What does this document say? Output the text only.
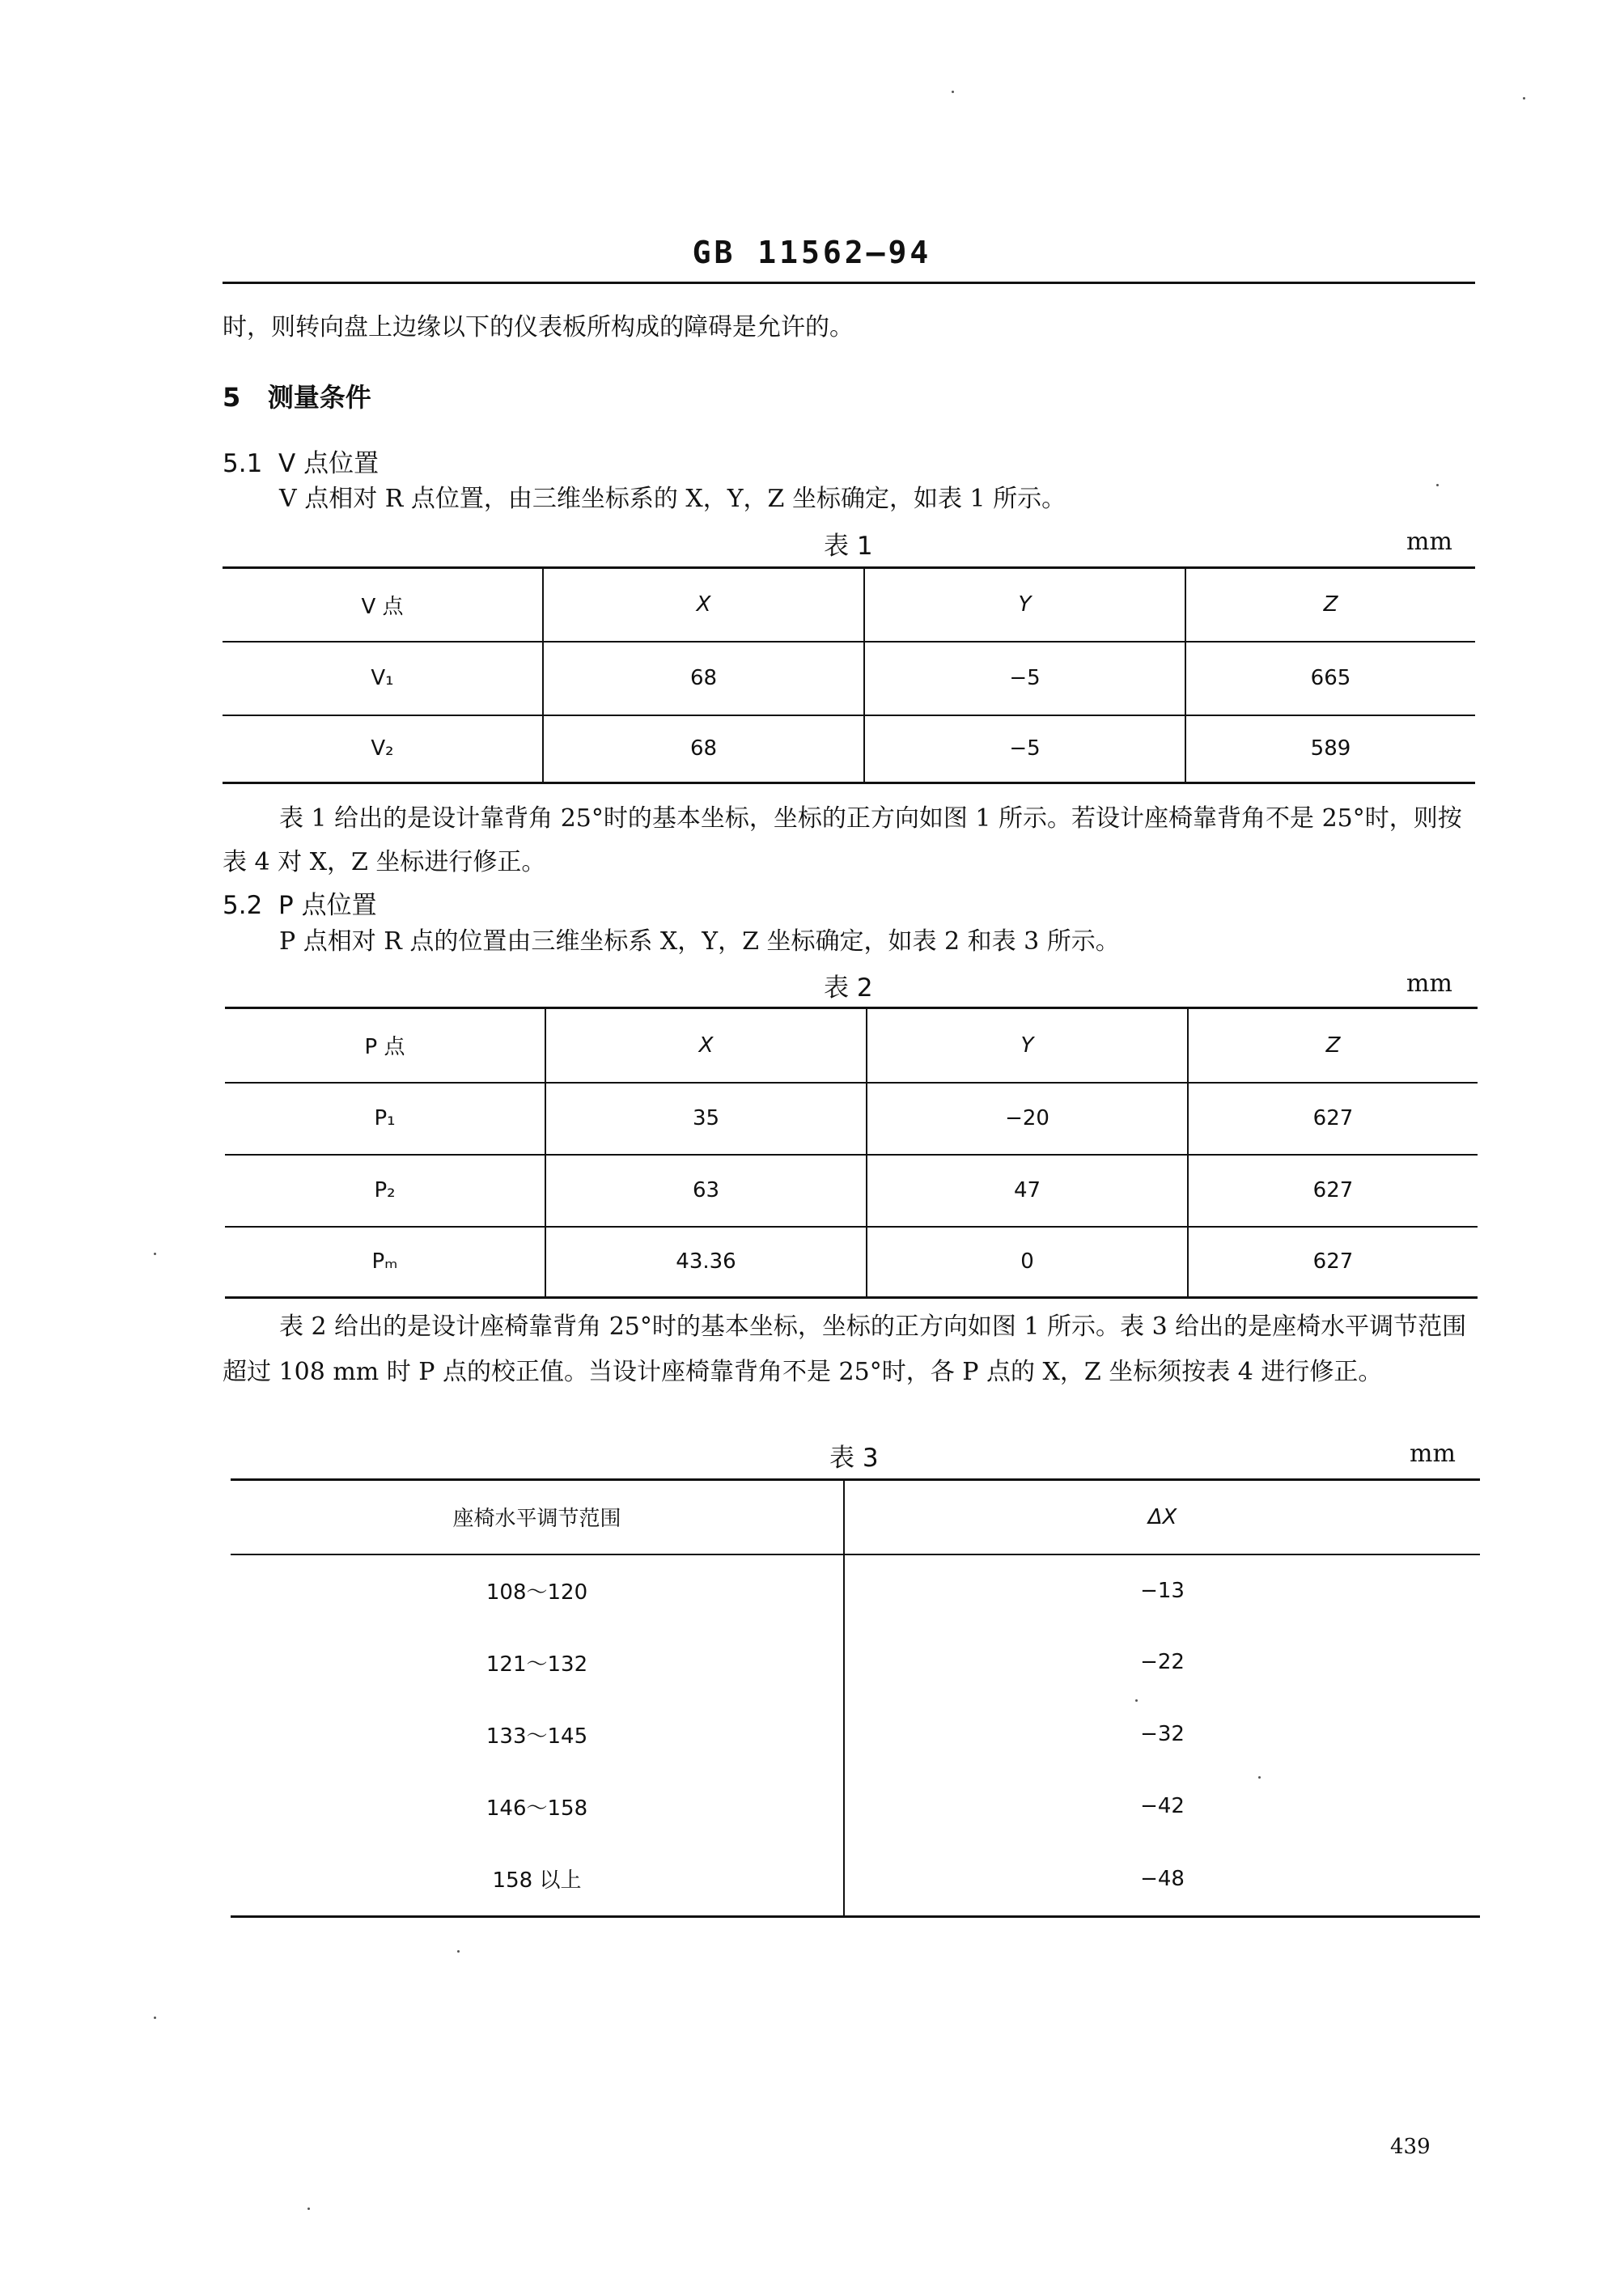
GB 11562—94
时，则转向盘上边缘以下的仪表板所构成的障碍是允许的。
5 测量条件
5.1 V 点位置
V 点相对 R 点位置，由三维坐标系的 X，Y，Z 坐标确定，如表 1 所示。
表 1	mm
V 点	X	Y	Z
V₁	68	−5	665
V₂	68	−5	589
表 1 给出的是设计靠背角 25°时的基本坐标，坐标的正方向如图 1 所示。若设计座椅靠背角不是 25°时，则按表 4 对 X，Z 坐标进行修正。
5.2 P 点位置
P 点相对 R 点的位置由三维坐标系 X，Y，Z 坐标确定，如表 2 和表 3 所示。
表 2	mm
P 点	X	Y	Z
P₁	35	−20	627
P₂	63	47	627
Pₘ	43.36	0	627
表 2 给出的是设计座椅靠背角 25°时的基本坐标，坐标的正方向如图 1 所示。表 3 给出的是座椅水平调节范围超过 108 mm 时 P 点的校正值。当设计座椅靠背角不是 25°时，各 P 点的 X，Z 坐标须按表 4 进行修正。
表 3	mm
座椅水平调节范围	ΔX
108～120	−13
121～132	−22
133～145	−32
146～158	−42
158 以上	−48
439
